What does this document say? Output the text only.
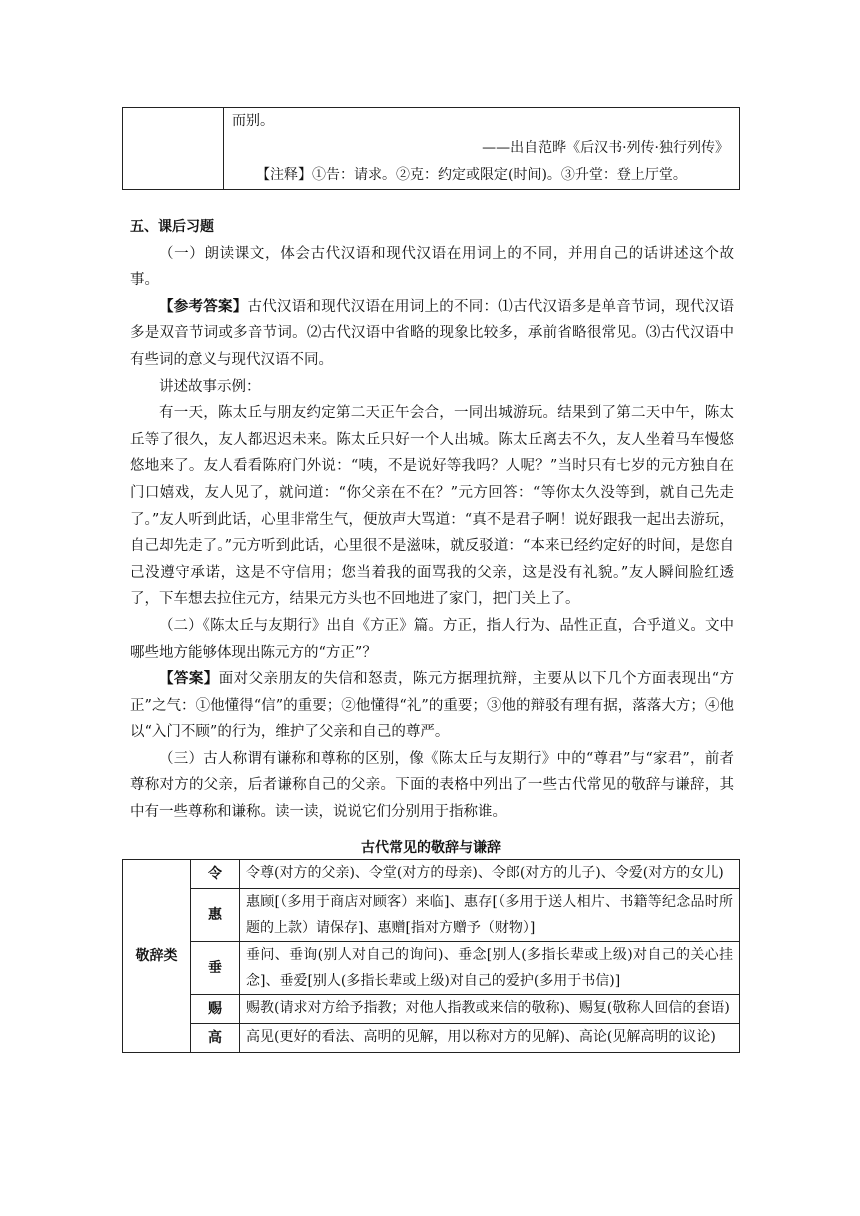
而别。
——出自范晔《后汉书·列传·独行列传》
【注释】①告：请求。②克：约定或限定(时间)。③升堂：登上厅堂。

五、课后习题

（一）朗读课文，体会古代汉语和现代汉语在用词上的不同，并用自己的话讲述这个故事。

【参考答案】古代汉语和现代汉语在用词上的不同：⑴古代汉语多是单音节词，现代汉语多是双音节词或多音节词。⑵古代汉语中省略的现象比较多，承前省略很常见。⑶古代汉语中有些词的意义与现代汉语不同。

讲述故事示例：

有一天，陈太丘与朋友约定第二天正午会合，一同出城游玩。结果到了第二天中午，陈太丘等了很久，友人都迟迟未来。陈太丘只好一个人出城。陈太丘离去不久，友人坐着马车慢悠悠地来了。友人看看陈府门外说：“咦，不是说好等我吗？人呢？”当时只有七岁的元方独自在门口嬉戏，友人见了，就问道：“你父亲在不在？”元方回答：“等你太久没等到，就自己先走了。”友人听到此话，心里非常生气，便放声大骂道：“真不是君子啊！说好跟我一起出去游玩，自己却先走了。”元方听到此话，心里很不是滋味，就反驳道：“本来已经约定好的时间，是您自己没遵守承诺，这是不守信用；您当着我的面骂我的父亲，这是没有礼貌。”友人瞬间脸红透了，下车想去拉住元方，结果元方头也不回地进了家门，把门关上了。

（二）《陈太丘与友期行》出自《方正》篇。方正，指人行为、品性正直，合乎道义。文中哪些地方能够体现出陈元方的“方正”？

【答案】面对父亲朋友的失信和怒责，陈元方据理抗辩，主要从以下几个方面表现出“方正”之气：①他懂得“信”的重要；②他懂得“礼”的重要；③他的辩驳有理有据，落落大方；④他以“入门不顾”的行为，维护了父亲和自己的尊严。

（三）古人称谓有谦称和尊称的区别，像《陈太丘与友期行》中的“尊君”与“家君”，前者尊称对方的父亲，后者谦称自己的父亲。下面的表格中列出了一些古代常见的敬辞与谦辞，其中有一些尊称和谦称。读一读，说说它们分别用于指称谁。

古代常见的敬辞与谦辞
敬辞类	令	令尊(对方的父亲)、令堂(对方的母亲)、令郎(对方的儿子)、令爱(对方的女儿)
	惠	惠顾[（多用于商店对顾客）来临]、惠存[（多用于送人相片、书籍等纪念品时所题的上款）请保存]、惠赠[指对方赠予（财物）]
	垂	垂问、垂询(别人对自己的询问)、垂念[别人(多指长辈或上级)对自己的关心挂念]、垂爱[别人(多指长辈或上级)对自己的爱护(多用于书信)]
	赐	赐教(请求对方给予指教；对他人指教或来信的敬称)、赐复(敬称人回信的套语)
	高	高见(更好的看法、高明的见解，用以称对方的见解)、高论(见解高明的议论)
